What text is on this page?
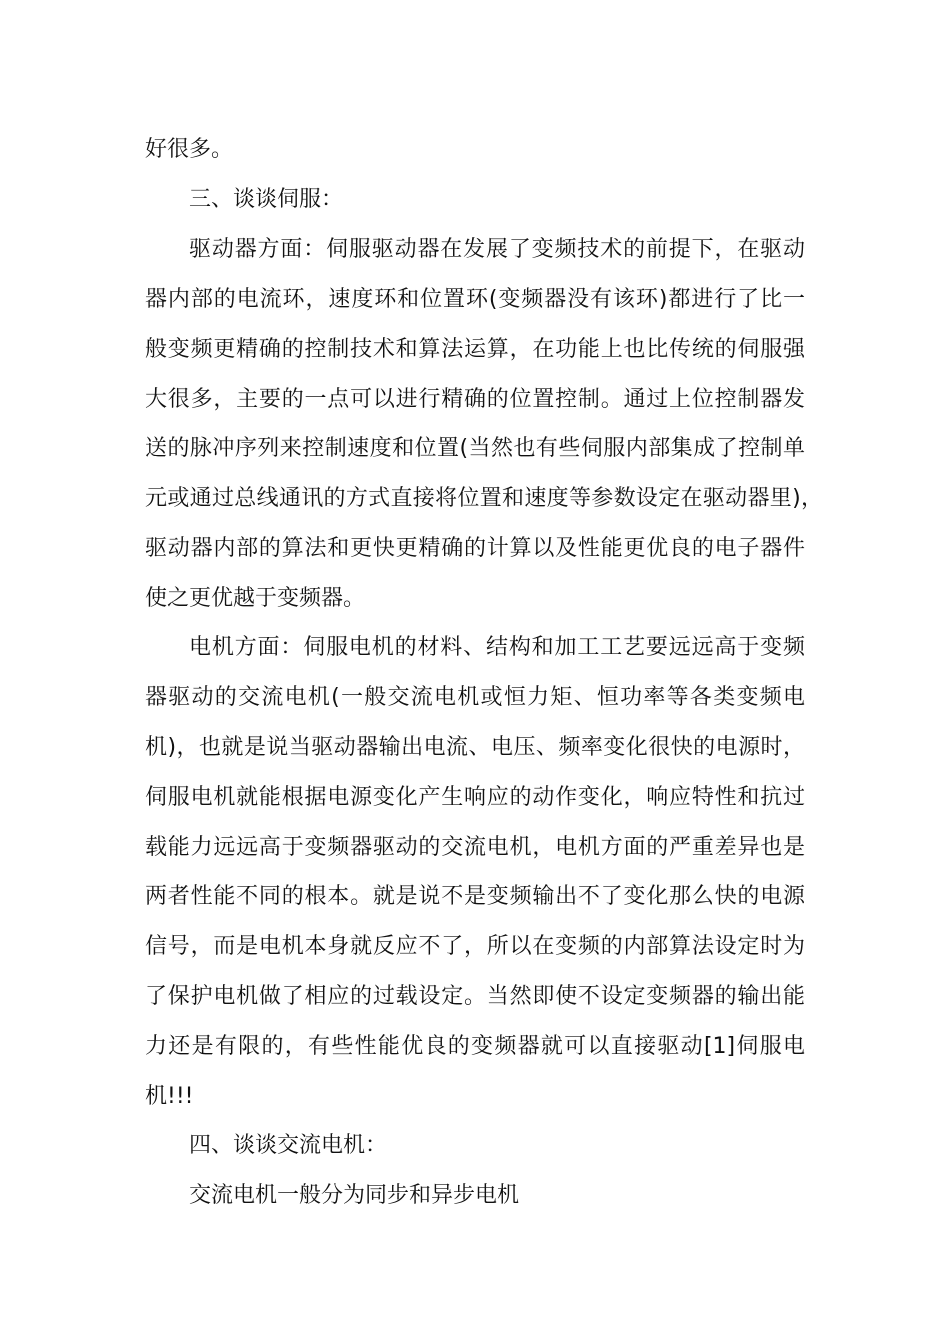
好很多。
三、谈谈伺服：
驱动器方面：伺服驱动器在发展了变频技术的前提下，在驱动
器内部的电流环，速度环和位置环(变频器没有该环)都进行了比一
般变频更精确的控制技术和算法运算，在功能上也比传统的伺服强
大很多，主要的一点可以进行精确的位置控制。通过上位控制器发
送的脉冲序列来控制速度和位置(当然也有些伺服内部集成了控制单
元或通过总线通讯的方式直接将位置和速度等参数设定在驱动器里)，
驱动器内部的算法和更快更精确的计算以及性能更优良的电子器件
使之更优越于变频器。
电机方面：伺服电机的材料、结构和加工工艺要远远高于变频
器驱动的交流电机(一般交流电机或恒力矩、恒功率等各类变频电
机)，也就是说当驱动器输出电流、电压、频率变化很快的电源时，
伺服电机就能根据电源变化产生响应的动作变化，响应特性和抗过
载能力远远高于变频器驱动的交流电机，电机方面的严重差异也是
两者性能不同的根本。就是说不是变频输出不了变化那么快的电源
信号，而是电机本身就反应不了，所以在变频的内部算法设定时为
了保护电机做了相应的过载设定。当然即使不设定变频器的输出能
力还是有限的，有些性能优良的变频器就可以直接驱动[1]伺服电
机!!!
四、谈谈交流电机：
交流电机一般分为同步和异步电机
